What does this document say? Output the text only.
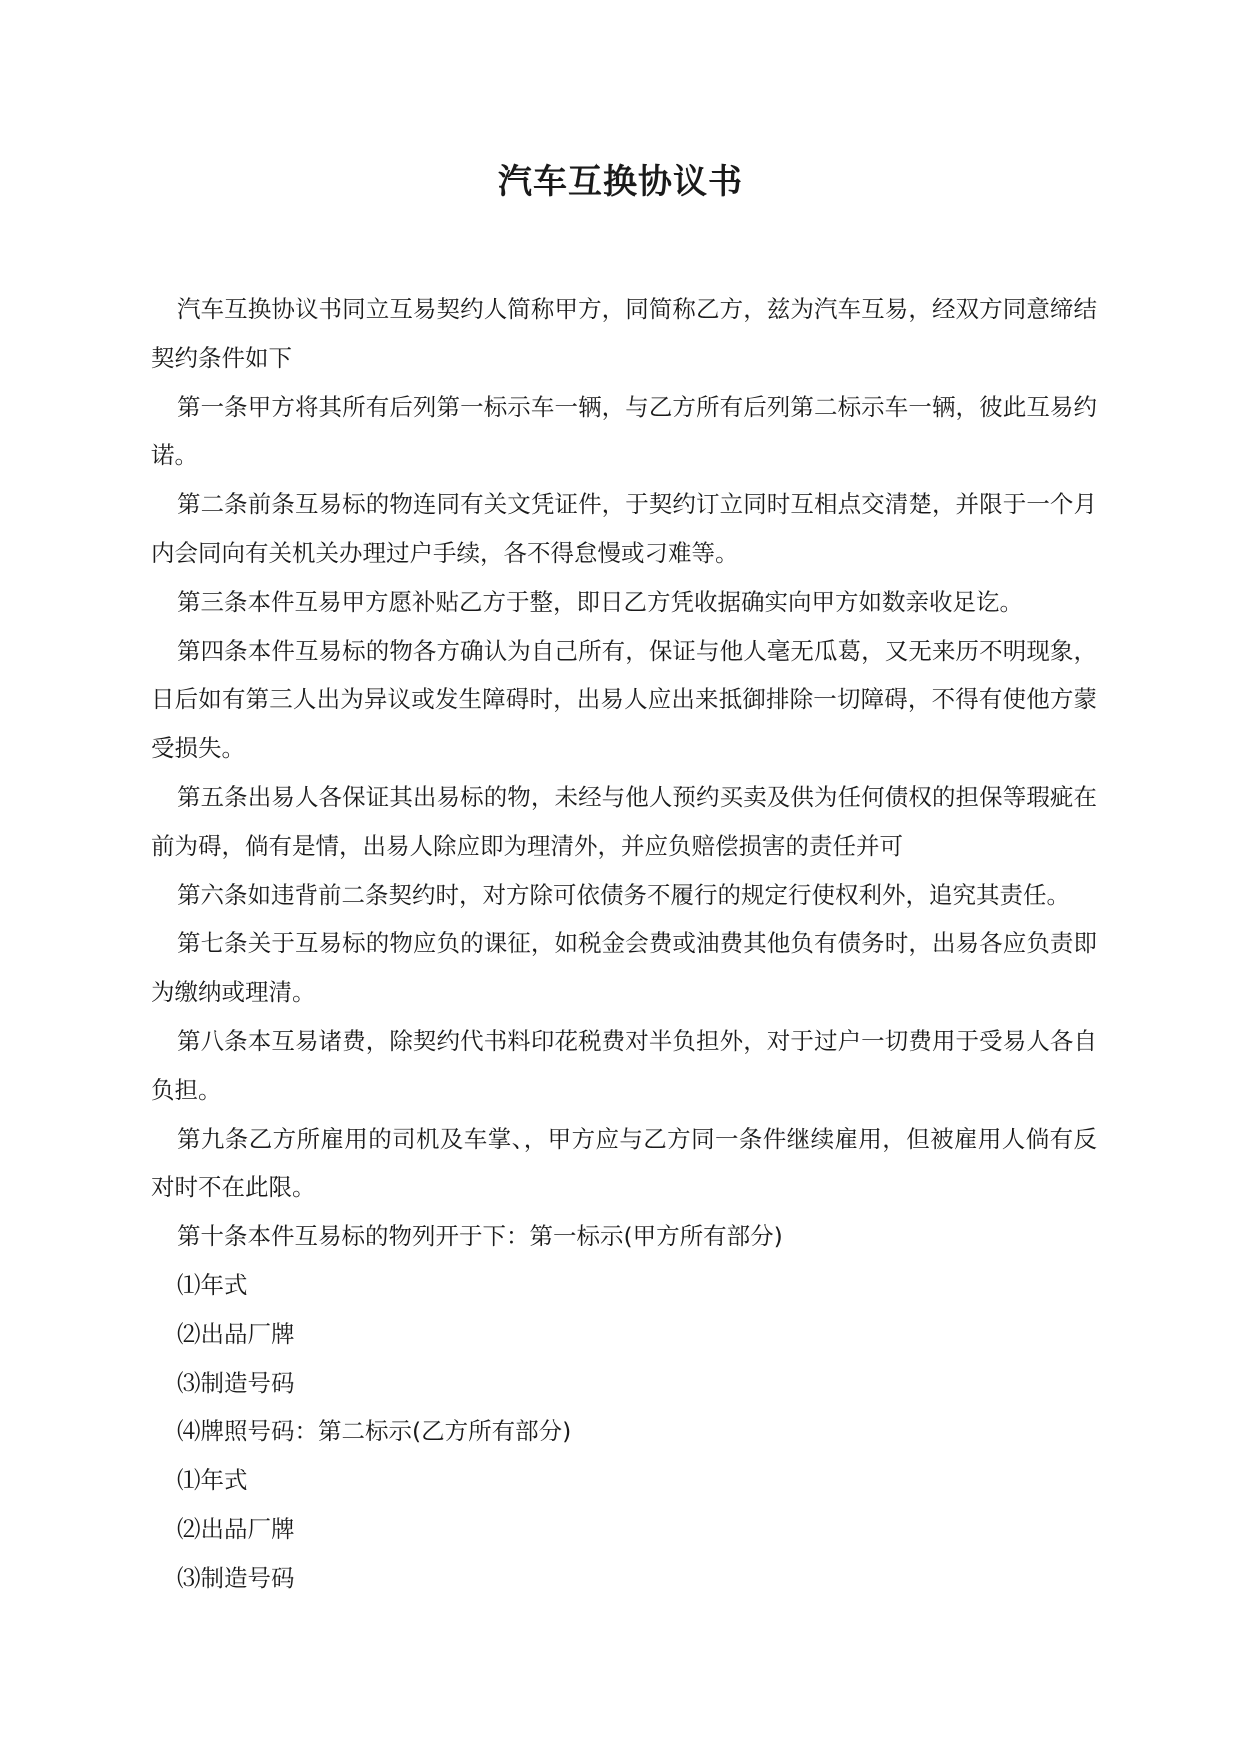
汽车互换协议书

汽车互换协议书同立互易契约人简称甲方，同简称乙方，兹为汽车互易，经双方同意缔结契约条件如下

第一条甲方将其所有后列第一标示车一辆，与乙方所有后列第二标示车一辆，彼此互易约诺。

第二条前条互易标的物连同有关文凭证件，于契约订立同时互相点交清楚，并限于一个月内会同向有关机关办理过户手续，各不得怠慢或刁难等。

第三条本件互易甲方愿补贴乙方于整，即日乙方凭收据确实向甲方如数亲收足讫。

第四条本件互易标的物各方确认为自己所有，保证与他人毫无瓜葛，又无来历不明现象，日后如有第三人出为异议或发生障碍时，出易人应出来抵御排除一切障碍，不得有使他方蒙受损失。

第五条出易人各保证其出易标的物，未经与他人预约买卖及供为任何债权的担保等瑕疵在前为碍，倘有是情，出易人除应即为理清外，并应负赔偿损害的责任并可

第六条如违背前二条契约时，对方除可依债务不履行的规定行使权利外，追究其责任。

第七条关于互易标的物应负的课征，如税金会费或油费其他负有债务时，出易各应负责即为缴纳或理清。

第八条本互易诸费，除契约代书料印花税费对半负担外，对于过户一切费用于受易人各自负担。

第九条乙方所雇用的司机及车掌、，甲方应与乙方同一条件继续雇用，但被雇用人倘有反对时不在此限。

第十条本件互易标的物列开于下：第一标示(甲方所有部分)

⑴年式

⑵出品厂牌

⑶制造号码

⑷牌照号码：第二标示(乙方所有部分)

⑴年式

⑵出品厂牌

⑶制造号码
